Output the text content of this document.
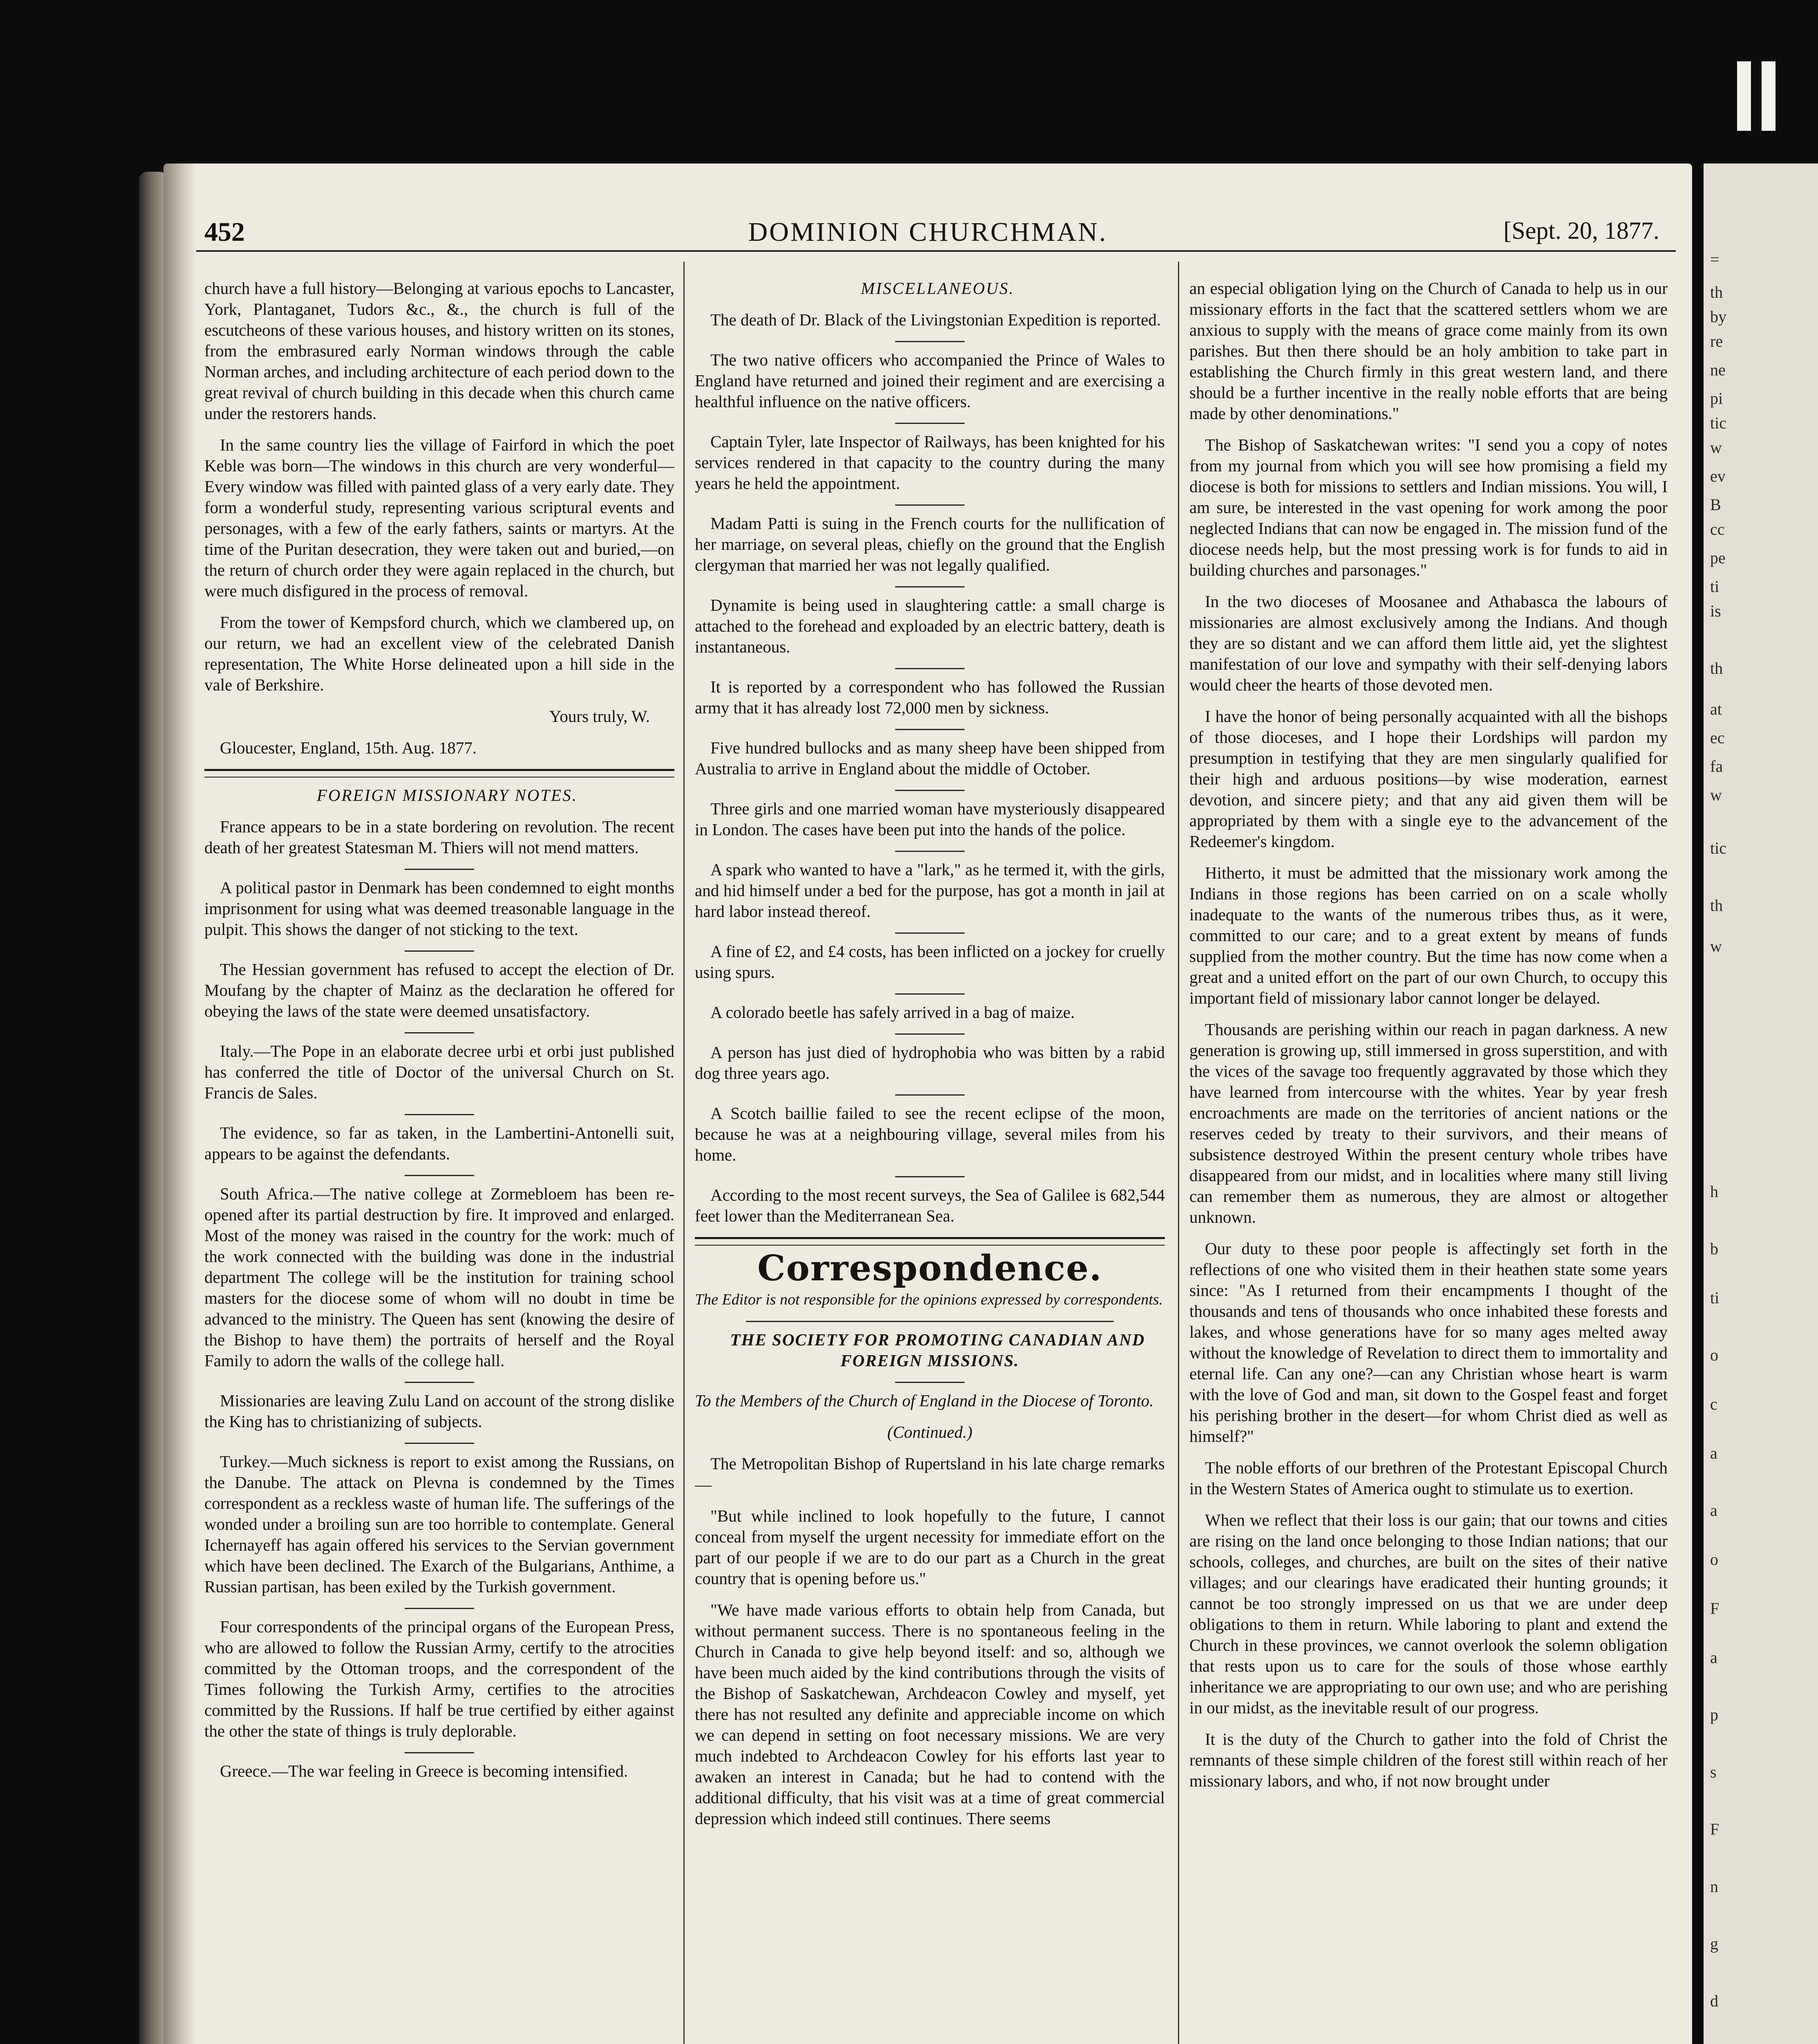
452	DOMINION CHURCHMAN.	[Sept. 20, 1877.

church have a full history—Belonging at various epochs to Lancaster, York, Plantaganet, Tudors &c., &., the church is full of the escutcheons of these various houses, and history written on its stones, from the embrasured early Norman windows through the cable Norman arches, and including architecture of each period down to the great revival of church building in this decade when this church came under the restorers hands.

In the same country lies the village of Fairford in which the poet Keble was born—The windows in this church are very wonderful—Every window was filled with painted glass of a very early date. They form a wonderful study, representing various scriptural events and personages, with a few of the early fathers, saints or martyrs. At the time of the Puritan desecration, they were taken out and buried,—on the return of church order they were again replaced in the church, but were much disfigured in the process of removal.

From the tower of Kempsford church, which we clambered up, on our return, we had an excellent view of the celebrated Danish representation, The White Horse delineated upon a hill side in the vale of Berkshire.

Yours truly, W.

Gloucester, England, 15th. Aug. 1877.

FOREIGN MISSIONARY NOTES.

France appears to be in a state bordering on revolution. The recent death of her greatest Statesman M. Thiers will not mend matters.

A political pastor in Denmark has been condemned to eight months imprisonment for using what was deemed treasonable language in the pulpit. This shows the danger of not sticking to the text.

The Hessian government has refused to accept the election of Dr. Moufang by the chapter of Mainz as the declaration he offered for obeying the laws of the state were deemed unsatisfactory.

Italy.—The Pope in an elaborate decree urbi et orbi just published has conferred the title of Doctor of the universal Church on St. Francis de Sales.

The evidence, so far as taken, in the Lambertini-Antonelli suit, appears to be against the defendants.

South Africa.—The native college at Zormebloem has been re-opened after its partial destruction by fire. It improved and enlarged. Most of the money was raised in the country for the work: much of the work connected with the building was done in the industrial department The college will be the institution for training school masters for the diocese some of whom will no doubt in time be advanced to the ministry. The Queen has sent (knowing the desire of the Bishop to have them) the portraits of herself and the Royal Family to adorn the walls of the college hall.

Missionaries are leaving Zulu Land on account of the strong dislike the King has to christianizing of subjects.

Turkey.—Much sickness is report to exist among the Russians, on the Danube. The attack on Plevna is condemned by the Times correspondent as a reckless waste of human life. The sufferings of the wonded under a broiling sun are too horrible to contemplate. General Ichernayeff has again offered his services to the Servian government which have been declined. The Exarch of the Bulgarians, Anthime, a Russian partisan, has been exiled by the Turkish government.

Four correspondents of the principal organs of the European Press, who are allowed to follow the Russian Army, certify to the atrocities committed by the Ottoman troops, and the correspondent of the Times following the Turkish Army, certifies to the atrocities committed by the Russions. If half be true certified by either against the other the state of things is truly deplorable.

Greece.—The war feeling in Greece is becoming intensified.

MISCELLANEOUS.

The death of Dr. Black of the Livingstonian Expedition is reported.

The two native officers who accompanied the Prince of Wales to England have returned and joined their regiment and are exercising a healthful influence on the native officers.

Captain Tyler, late Inspector of Railways, has been knighted for his services rendered in that capacity to the country during the many years he held the appointment.

Madam Patti is suing in the French courts for the nullification of her marriage, on several pleas, chiefly on the ground that the English clergyman that married her was not legally qualified.

Dynamite is being used in slaughtering cattle: a small charge is attached to the forehead and exploaded by an electric battery, death is instantaneous.

It is reported by a correspondent who has followed the Russian army that it has already lost 72,000 men by sickness.

Five hundred bullocks and as many sheep have been shipped from Australia to arrive in England about the middle of October.

Three girls and one married woman have mysteriously disappeared in London. The cases have been put into the hands of the police.

A spark who wanted to have a "lark," as he termed it, with the girls, and hid himself under a bed for the purpose, has got a month in jail at hard labor instead thereof.

A fine of £2, and £4 costs, has been inflicted on a jockey for cruelly using spurs.

A colorado beetle has safely arrived in a bag of maize.

A person has just died of hydrophobia who was bitten by a rabid dog three years ago.

A Scotch baillie failed to see the recent eclipse of the moon, because he was at a neighbouring village, several miles from his home.

According to the most recent surveys, the Sea of Galilee is 682,544 feet lower than the Mediterranean Sea.

Correspondence.

The Editor is not responsible for the opinions expressed by correspondents.

THE SOCIETY FOR PROMOTING CANADIAN AND FOREIGN MISSIONS.

To the Members of the Church of England in the Diocese of Toronto.

(Continued.)

The Metropolitan Bishop of Rupertsland in his late charge remarks—

"But while inclined to look hopefully to the future, I cannot conceal from myself the urgent necessity for immediate effort on the part of our people if we are to do our part as a Church in the great country that is opening before us."

"We have made various efforts to obtain help from Canada, but without permanent success. There is no spontaneous feeling in the Church in Canada to give help beyond itself: and so, although we have been much aided by the kind contributions through the visits of the Bishop of Saskatchewan, Archdeacon Cowley and myself, yet there has not resulted any definite and appreciable income on which we can depend in setting on foot necessary missions. We are very much indebted to Archdeacon Cowley for his efforts last year to awaken an interest in Canada; but he had to contend with the additional difficulty, that his visit was at a time of great commercial depression which indeed still continues. There seems

an especial obligation lying on the Church of Canada to help us in our missionary efforts in the fact that the scattered settlers whom we are anxious to supply with the means of grace come mainly from its own parishes. But then there should be an holy ambition to take part in establishing the Church firmly in this great western land, and there should be a further incentive in the really noble efforts that are being made by other denominations."

The Bishop of Saskatchewan writes: "I send you a copy of notes from my journal from which you will see how promising a field my diocese is both for missions to settlers and Indian missions. You will, I am sure, be interested in the vast opening for work among the poor neglected Indians that can now be engaged in. The mission fund of the diocese needs help, but the most pressing work is for funds to aid in building churches and parsonages."

In the two dioceses of Moosanee and Athabasca the labours of missionaries are almost exclusively among the Indians. And though they are so distant and we can afford them little aid, yet the slightest manifestation of our love and sympathy with their self-denying labors would cheer the hearts of those devoted men.

I have the honor of being personally acquainted with all the bishops of those dioceses, and I hope their Lordships will pardon my presumption in testifying that they are men singularly qualified for their high and arduous positions—by wise moderation, earnest devotion, and sincere piety; and that any aid given them will be appropriated by them with a single eye to the advancement of the Redeemer's kingdom.

Hitherto, it must be admitted that the missionary work among the Indians in those regions has been carried on on a scale wholly inadequate to the wants of the numerous tribes thus, as it were, committed to our care; and to a great extent by means of funds supplied from the mother country. But the time has now come when a great and a united effort on the part of our own Church, to occupy this important field of missionary labor cannot longer be delayed.

Thousands are perishing within our reach in pagan darkness. A new generation is growing up, still immersed in gross superstition, and with the vices of the savage too frequently aggravated by those which they have learned from intercourse with the whites. Year by year fresh encroachments are made on the territories of ancient nations or the reserves ceded by treaty to their survivors, and their means of subsistence destroyed Within the present century whole tribes have disappeared from our midst, and in localities where many still living can remember them as numerous, they are almost or altogether unknown.

Our duty to these poor people is affectingly set forth in the reflections of one who visited them in their heathen state some years since: "As I returned from their encampments I thought of the thousands and tens of thousands who once inhabited these forests and lakes, and whose generations have for so many ages melted away without the knowledge of Revelation to direct them to immortality and eternal life. Can any one?—can any Christian whose heart is warm with the love of God and man, sit down to the Gospel feast and forget his perishing brother in the desert—for whom Christ died as well as himself?"

The noble efforts of our brethren of the Protestant Episcopal Church in the Western States of America ought to stimulate us to exertion.

When we reflect that their loss is our gain; that our towns and cities are rising on the land once belonging to those Indian nations; that our schools, colleges, and churches, are built on the sites of their native villages; and our clearings have eradicated their hunting grounds; it cannot be too strongly impressed on us that we are under deep obligations to them in return. While laboring to plant and extend the Church in these provinces, we cannot overlook the solemn obligation that rests upon us to care for the souls of those whose earthly inheritance we are appropriating to our own use; and who are perishing in our midst, as the inevitable result of our progress.

It is the duty of the Church to gather into the fold of Christ the remnants of these simple children of the forest still within reach of her missionary labors, and who, if not now brought under

=
th
by
re
ne
pi
tic
w
ev
B
cc
pe
ti
is
th
at
ec
fa
w
tic
th
w
h
b
ti
o
c
a
a
o
F
a
p
s
F
n
g
d
